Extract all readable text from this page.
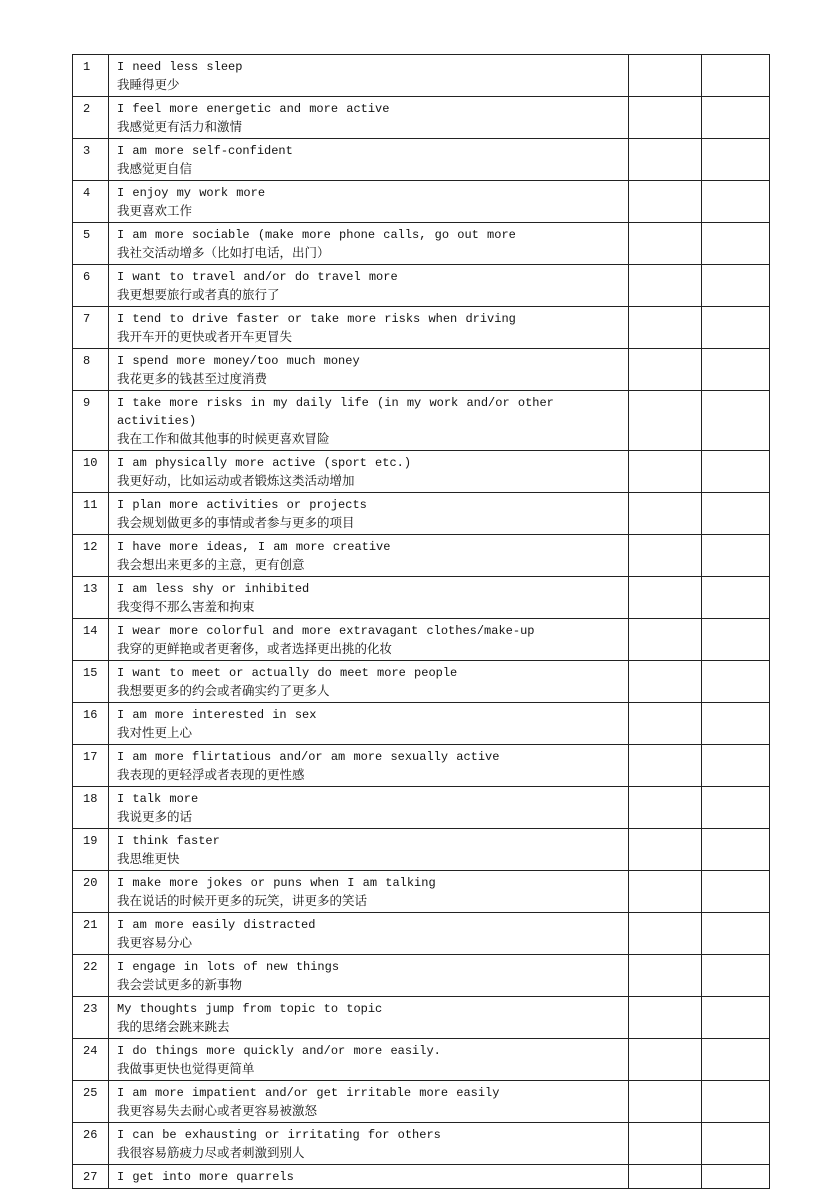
1	I need less sleep
我睡得更少		

2	I feel more energetic and more active
我感觉更有活力和激情		

3	I am more self-confident
我感觉更自信		

4	I enjoy my work more
我更喜欢工作		

5	I am more sociable (make more phone calls, go out more
我社交活动增多（比如打电话，出门）		

6	I want to travel and/or do travel more
我更想要旅行或者真的旅行了		

7	I tend to drive faster or take more risks when driving
我开车开的更快或者开车更冒失		

8	I spend more money/too much money
我花更多的钱甚至过度消费		

9	I take more risks in my daily life (in my work and/or other activities)
我在工作和做其他事的时候更喜欢冒险		

10	I am physically more active (sport etc.)
我更好动，比如运动或者锻炼这类活动增加		

11	I plan more activities or projects
我会规划做更多的事情或者参与更多的项目		

12	I have more ideas, I am more creative
我会想出来更多的主意，更有创意		

13	I am less shy or inhibited
我变得不那么害羞和拘束		

14	I wear more colorful and more extravagant clothes/make-up
我穿的更鲜艳或者更奢侈，或者选择更出挑的化妆		

15	I want to meet or actually do meet more people
我想要更多的约会或者确实约了更多人		

16	I am more interested in sex
我对性更上心		

17	I am more flirtatious and/or am more sexually active
我表现的更轻浮或者表现的更性感		

18	I talk more
我说更多的话		

19	I think faster
我思维更快		

20	I make more jokes or puns when I am talking
我在说话的时候开更多的玩笑，讲更多的笑话		

21	I am more easily distracted
我更容易分心		

22	I engage in lots of new things
我会尝试更多的新事物		

23	My thoughts jump from topic to topic
我的思绪会跳来跳去		

24	I do things more quickly and/or more easily.
我做事更快也觉得更简单		

25	I am more impatient and/or get irritable more easily
我更容易失去耐心或者更容易被激怒		

26	I can be exhausting or irritating for others
我很容易筋疲力尽或者刺激到别人		

27	I get into more quarrels		
